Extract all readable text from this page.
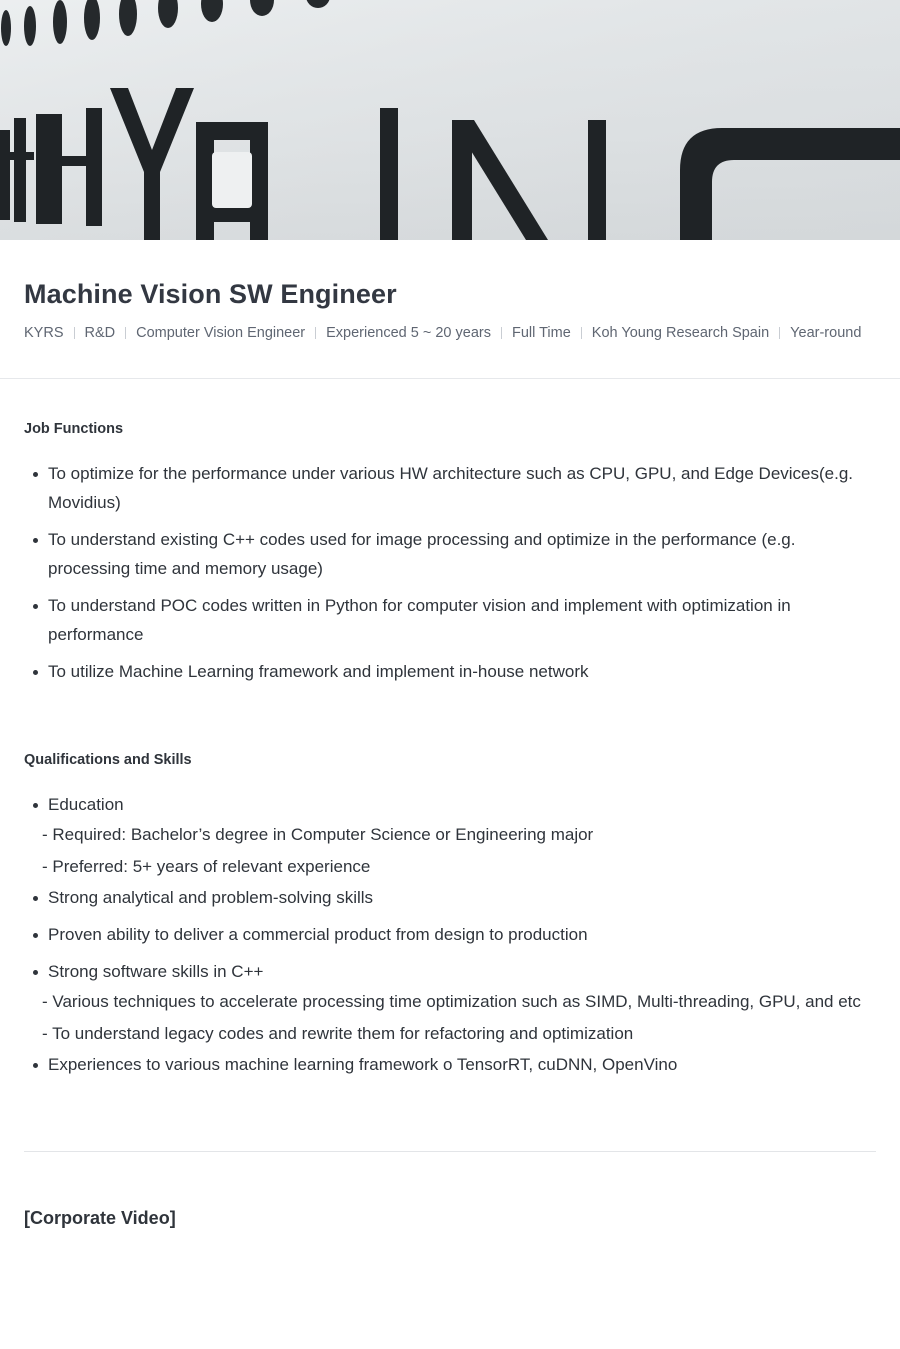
Machine Vision SW Engineer
KYRS	R&D	Computer Vision Engineer	Experienced 5 ~ 20 years	Full Time	Koh Young Research Spain	Year-round
Job Functions
To optimize for the performance under various HW architecture such as CPU, GPU, and Edge Devices(e.g. Movidius)
To understand existing C++ codes used for image processing and optimize in the performance (e.g. processing time and memory usage)
To understand POC codes written in Python for computer vision and implement with optimization in performance
To utilize Machine Learning framework and implement in-house network
Qualifications and Skills
Education
- Required: Bachelor’s degree in Computer Science or Engineering major
- Preferred: 5+ years of relevant experience
Strong analytical and problem-solving skills
Proven ability to deliver a commercial product from design to production
Strong software skills in C++
- Various techniques to accelerate processing time optimization such as SIMD, Multi-threading, GPU, and etc
- To understand legacy codes and rewrite them for refactoring and optimization
Experiences to various machine learning framework o TensorRT, cuDNN, OpenVino
[Corporate Video]
